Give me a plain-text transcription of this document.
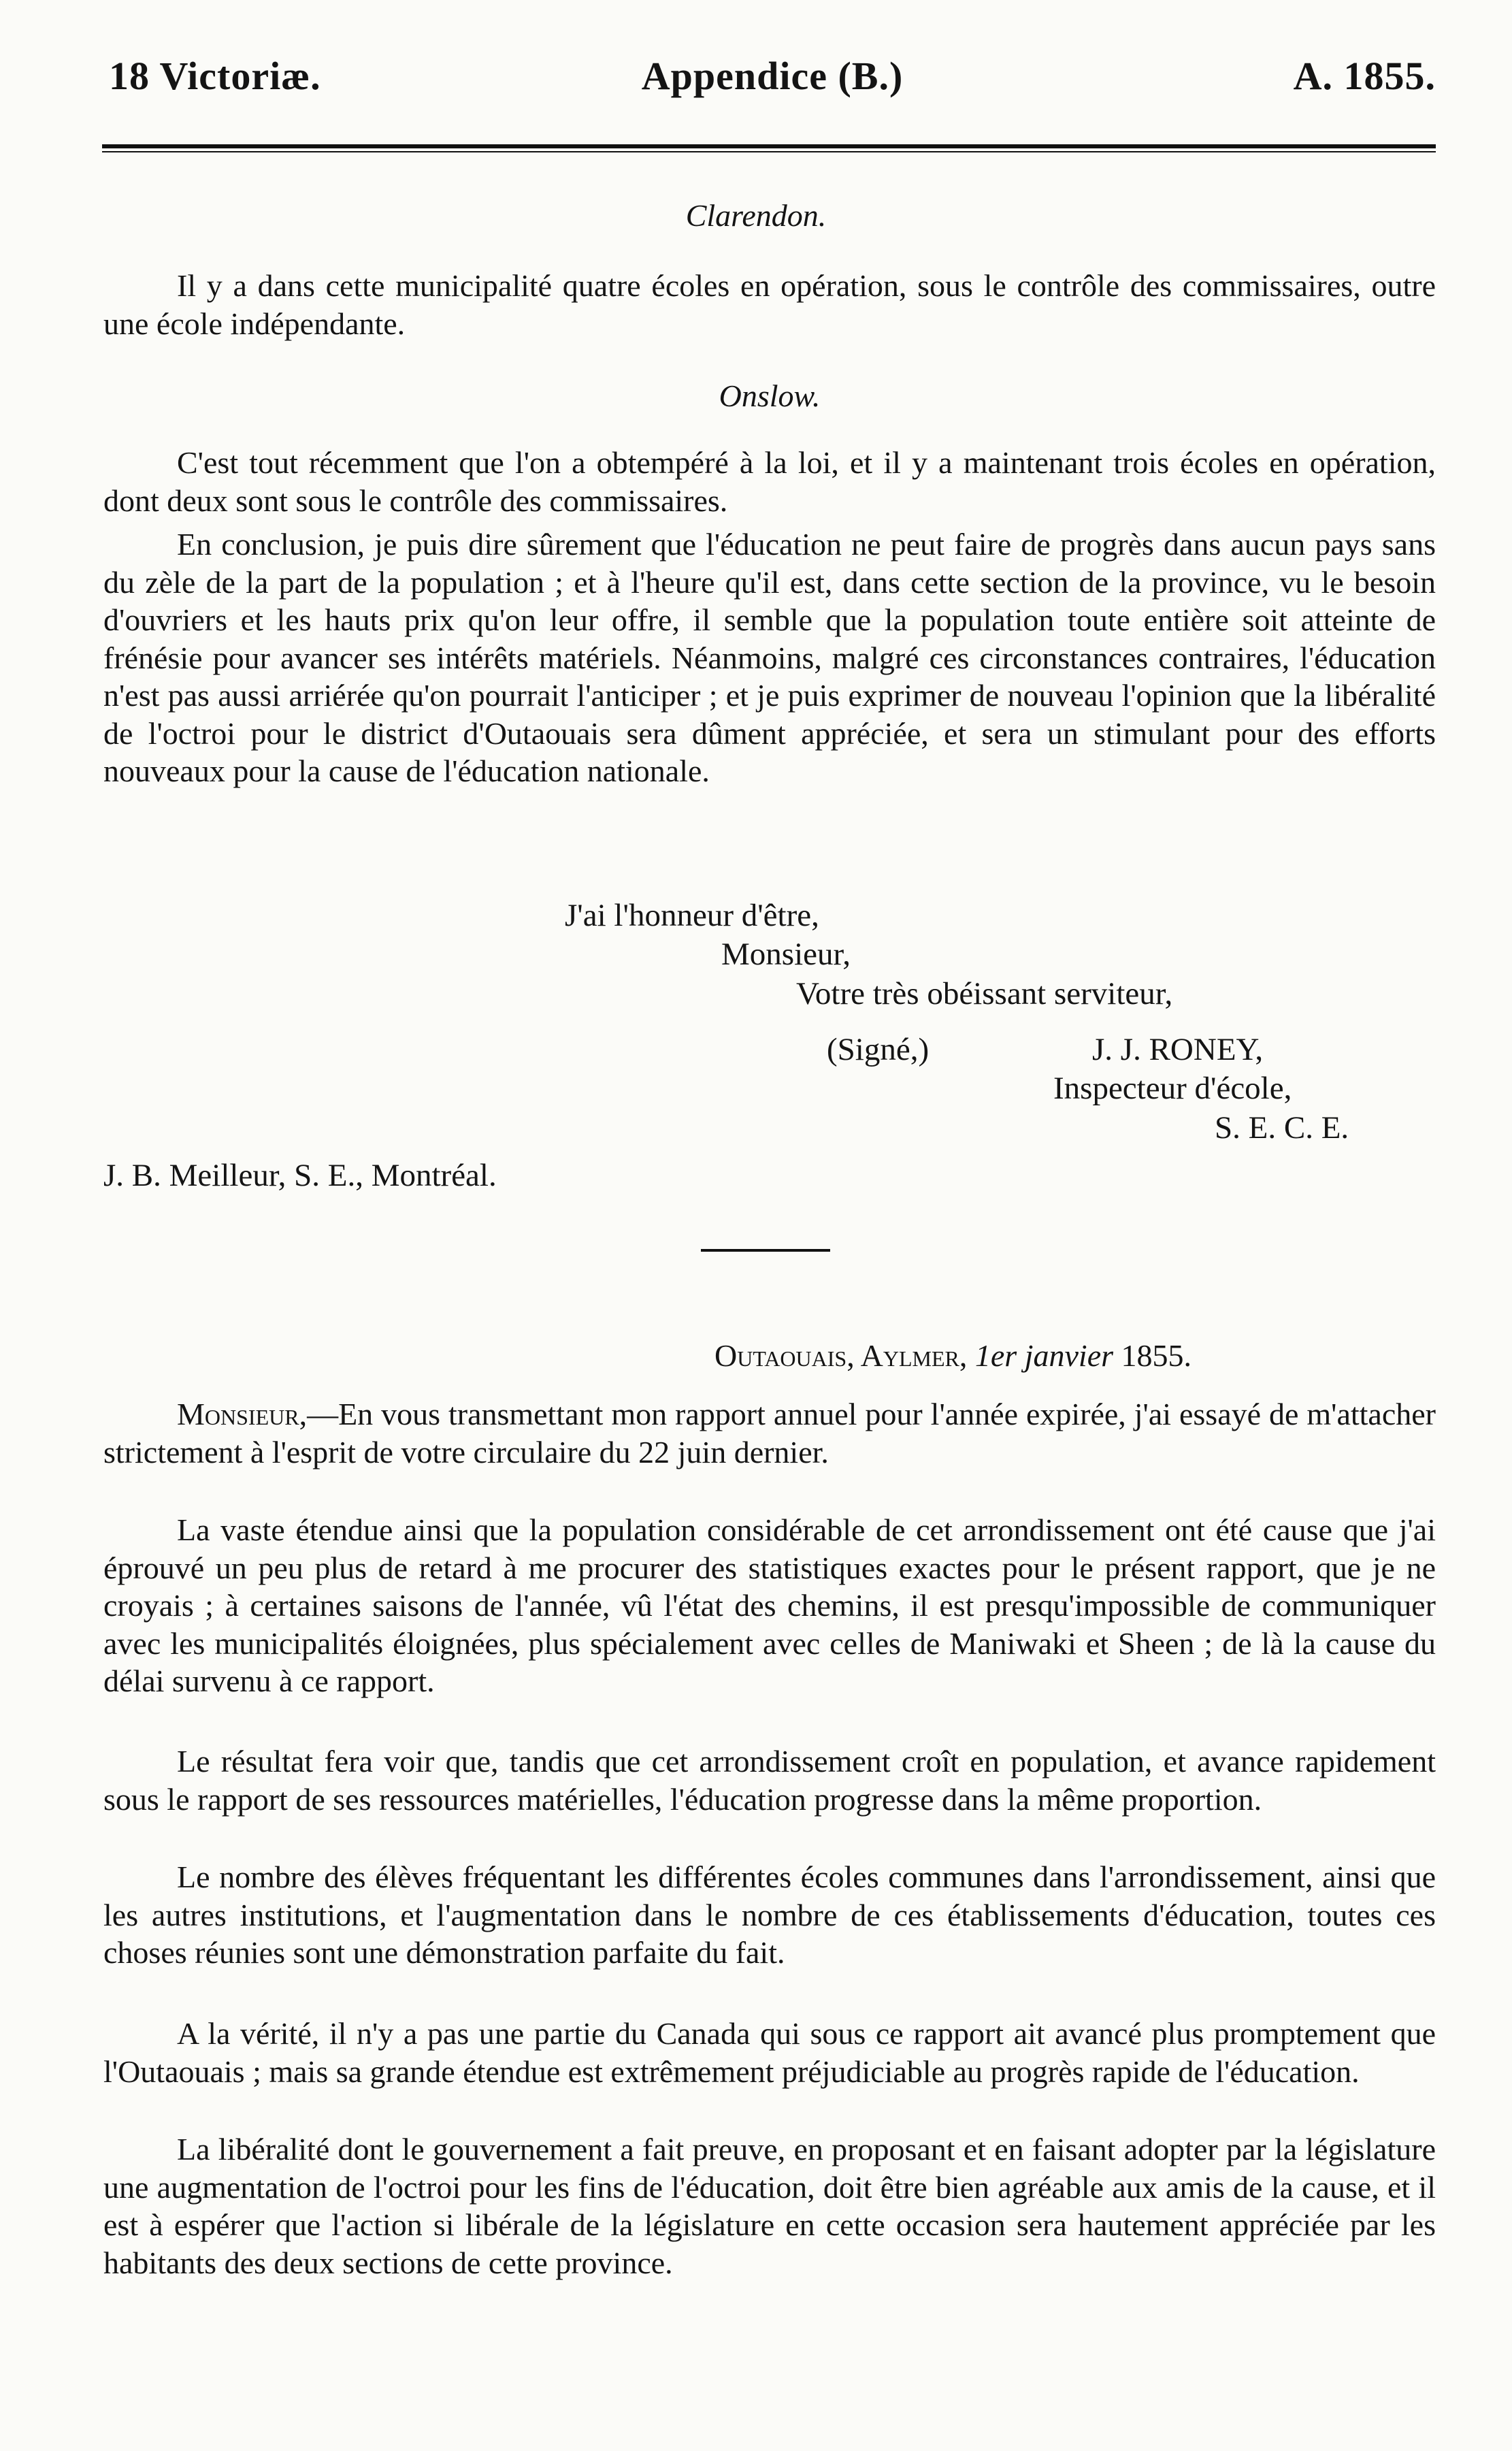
18 Victoriæ.	Appendice (B.)	A. 1855.
Clarendon.

Il y a dans cette municipalité quatre écoles en opération, sous le contrôle des commissaires, outre une école indépendante.

Onslow.

C'est tout récemment que l'on a obtempéré à la loi, et il y a maintenant trois écoles en opération, dont deux sont sous le contrôle des commissaires.

En conclusion, je puis dire sûrement que l'éducation ne peut faire de progrès dans aucun pays sans du zèle de la part de la population ; et à l'heure qu'il est, dans cette section de la province, vu le besoin d'ouvriers et les hauts prix qu'on leur offre, il semble que la population toute entière soit atteinte de frénésie pour avancer ses intérêts matériels. Néanmoins, malgré ces circonstances contraires, l'éducation n'est pas aussi arriérée qu'on pourrait l'anticiper ; et je puis exprimer de nouveau l'opinion que la libéralité de l'octroi pour le district d'Outaouais sera dûment appréciée, et sera un stimulant pour des efforts nouveaux pour la cause de l'éducation nationale.

J'ai l'honneur d'être,
Monsieur,
Votre très obéissant serviteur,
(Signé,)	J. J. RONEY,
Inspecteur d'école,
S. E. C. E.
J. B. Meilleur, S. E., Montréal.
Outaouais, Aylmer, 1er janvier 1855.

Monsieur,—En vous transmettant mon rapport annuel pour l'année expirée, j'ai essayé de m'attacher strictement à l'esprit de votre circulaire du 22 juin dernier.

La vaste étendue ainsi que la population considérable de cet arrondissement ont été cause que j'ai éprouvé un peu plus de retard à me procurer des statistiques exactes pour le présent rapport, que je ne croyais ; à certaines saisons de l'année, vû l'état des chemins, il est presqu'impossible de communiquer avec les municipalités éloignées, plus spécialement avec celles de Maniwaki et Sheen ; de là la cause du délai survenu à ce rapport.

Le résultat fera voir que, tandis que cet arrondissement croît en population, et avance rapidement sous le rapport de ses ressources matérielles, l'éducation progresse dans la même proportion.

Le nombre des élèves fréquentant les différentes écoles communes dans l'arrondissement, ainsi que les autres institutions, et l'augmentation dans le nombre de ces établissements d'éducation, toutes ces choses réunies sont une démonstration parfaite du fait.

A la vérité, il n'y a pas une partie du Canada qui sous ce rapport ait avancé plus promptement que l'Outaouais ; mais sa grande étendue est extrêmement préjudiciable au progrès rapide de l'éducation.

La libéralité dont le gouvernement a fait preuve, en proposant et en faisant adopter par la législature une augmentation de l'octroi pour les fins de l'éducation, doit être bien agréable aux amis de la cause, et il est à espérer que l'action si libérale de la législature en cette occasion sera hautement appréciée par les habitants des deux sections de cette province.
